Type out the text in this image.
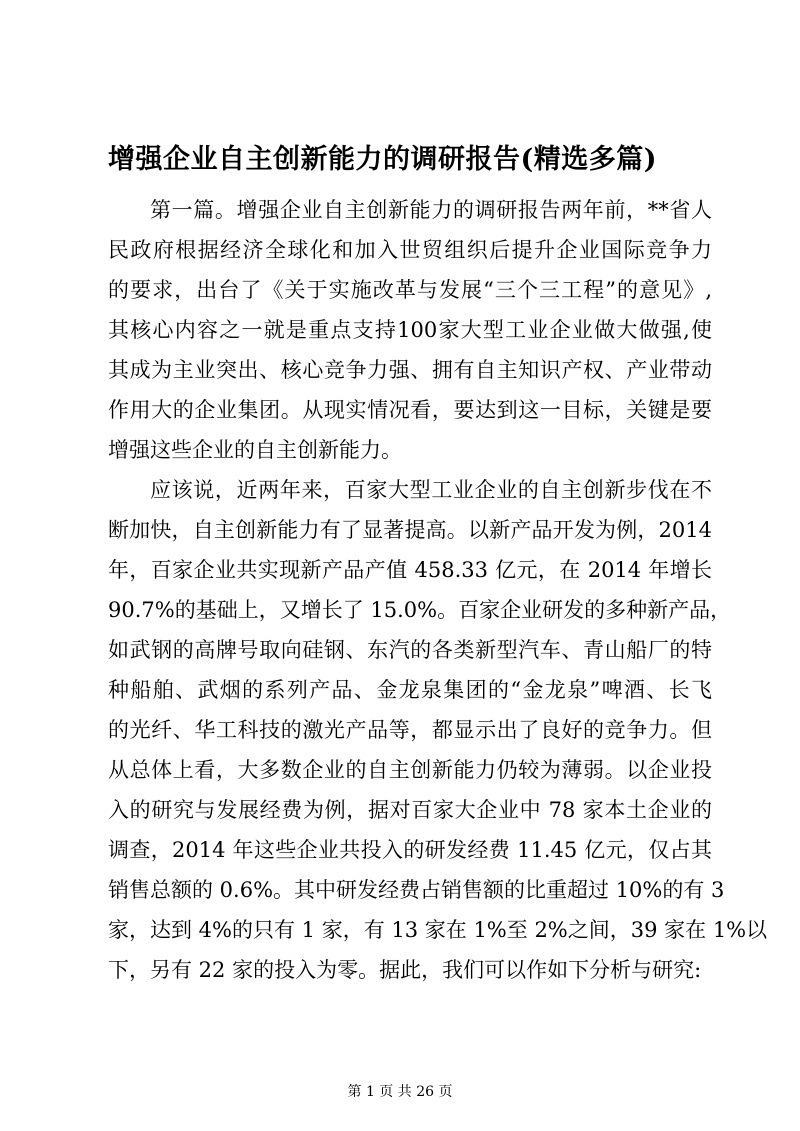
增强企业自主创新能力的调研报告(精选多篇)
第一篇。增强企业自主创新能力的调研报告两年前，**省人
民政府根据经济全球化和加入世贸组织后提升企业国际竞争力
的要求，出台了《关于实施改革与发展“三个三工程”的意见》,
其核心内容之一就是重点支持100家大型工业企业做大做强,使
其成为主业突出、核心竞争力强、拥有自主知识产权、产业带动
作用大的企业集团。从现实情况看，要达到这一目标，关键是要
增强这些企业的自主创新能力。
应该说，近两年来，百家大型工业企业的自主创新步伐在不
断加快，自主创新能力有了显著提高。以新产品开发为例，2014
年，百家企业共实现新产品产值 458.33 亿元，在 2014 年增长
90.7%的基础上，又增长了 15.0%。百家企业研发的多种新产品，
如武钢的高牌号取向硅钢、东汽的各类新型汽车、青山船厂的特
种船舶、武烟的系列产品、金龙泉集团的“金龙泉”啤酒、长飞
的光纤、华工科技的激光产品等，都显示出了良好的竞争力。但
从总体上看，大多数企业的自主创新能力仍较为薄弱。以企业投
入的研究与发展经费为例，据对百家大企业中 78 家本土企业的
调查，2014 年这些企业共投入的研发经费 11.45 亿元，仅占其
销售总额的 0.6%。其中研发经费占销售额的比重超过 10%的有 3
家，达到 4%的只有 1 家，有 13 家在 1%至 2%之间，39 家在 1%以
下，另有 22 家的投入为零。据此，我们可以作如下分析与研究:
第 1 页 共 26 页
